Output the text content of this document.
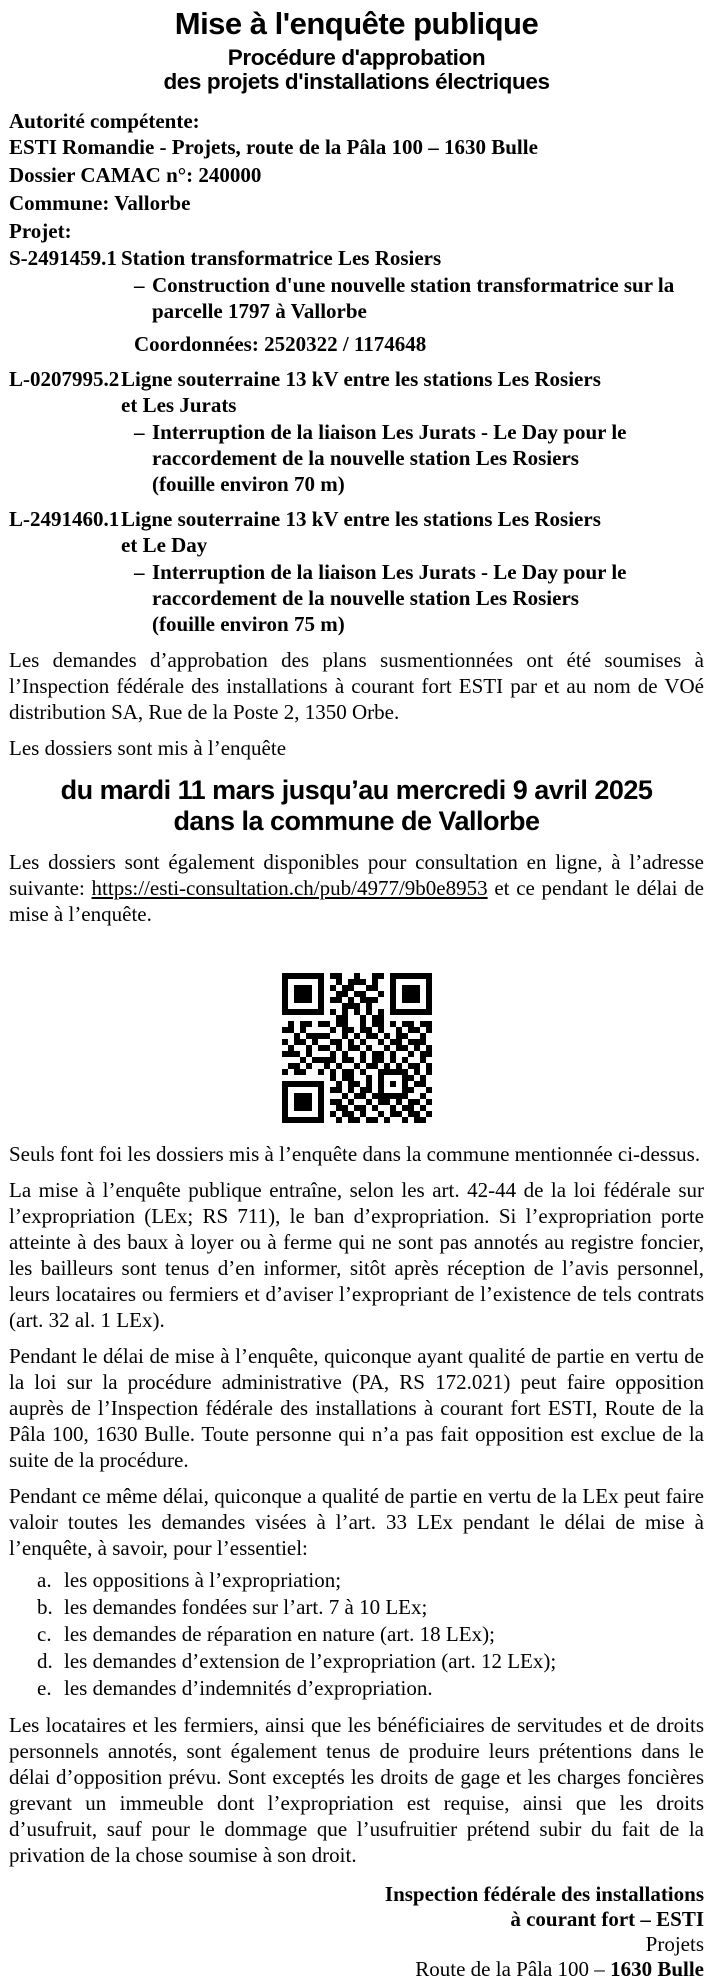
Mise à l'enquête publique
Procédure d'approbation
des projets d'installations électriques
Autorité compétente:
ESTI Romandie - Projets, route de la Pâla 100 – 1630 Bulle
Dossier CAMAC n°: 240000
Commune: Vallorbe
Projet:
S-2491459.1 Station transformatrice Les Rosiers
– Construction d'une nouvelle station transformatrice sur la
parcelle 1797 à Vallorbe
Coordonnées: 2520322 / 1174648
L-0207995.2 Ligne souterraine 13 kV entre les stations Les Rosiers
et Les Jurats
– Interruption de la liaison Les Jurats - Le Day pour le
raccordement de la nouvelle station Les Rosiers
(fouille environ 70 m)
L-2491460.1 Ligne souterraine 13 kV entre les stations Les Rosiers
et Le Day
– Interruption de la liaison Les Jurats - Le Day pour le
raccordement de la nouvelle station Les Rosiers
(fouille environ 75 m)

Les demandes d’approbation des plans susmentionnées ont été soumises à l’Inspection fédérale des installations à courant fort ESTI par et au nom de VOé distribution SA, Rue de la Poste 2, 1350 Orbe.

Les dossiers sont mis à l’enquête

du mardi 11 mars jusqu’au mercredi 9 avril 2025
dans la commune de Vallorbe

Les dossiers sont également disponibles pour consultation en ligne, à l’adresse suivante: https://esti-consultation.ch/pub/4977/9b0e8953 et ce pendant le délai de mise à l’enquête.

Seuls font foi les dossiers mis à l’enquête dans la commune mentionnée ci-dessus.

La mise à l’enquête publique entraîne, selon les art. 42-44 de la loi fédérale sur l’expropriation (LEx; RS 711), le ban d’expropriation. Si l’expropriation porte atteinte à des baux à loyer ou à ferme qui ne sont pas annotés au registre foncier, les bailleurs sont tenus d’en informer, sitôt après réception de l’avis personnel, leurs locataires ou fermiers et d’aviser l’expropriant de l’existence de tels contrats (art. 32 al. 1 LEx).

Pendant le délai de mise à l’enquête, quiconque ayant qualité de partie en vertu de la loi sur la procédure administrative (PA, RS 172.021) peut faire opposition auprès de l’Inspection fédérale des installations à courant fort ESTI, Route de la Pâla 100, 1630 Bulle. Toute personne qui n’a pas fait opposition est exclue de la suite de la procédure.

Pendant ce même délai, quiconque a qualité de partie en vertu de la LEx peut faire valoir toutes les demandes visées à l’art. 33 LEx pendant le délai de mise à l’enquête, à savoir, pour l’essentiel:

a. les oppositions à l’expropriation;
b. les demandes fondées sur l’art. 7 à 10 LEx;
c. les demandes de réparation en nature (art. 18 LEx);
d. les demandes d’extension de l’expropriation (art. 12 LEx);
e. les demandes d’indemnités d’expropriation.

Les locataires et les fermiers, ainsi que les bénéficiaires de servitudes et de droits personnels annotés, sont également tenus de produire leurs prétentions dans le délai d’opposition prévu. Sont exceptés les droits de gage et les charges foncières grevant un immeuble dont l’expropriation est requise, ainsi que les droits d’usufruit, sauf pour le dommage que l’usufruitier prétend subir du fait de la privation de la chose soumise à son droit.

Inspection fédérale des installations
à courant fort – ESTI
Projets
Route de la Pâla 100 – 1630 Bulle
